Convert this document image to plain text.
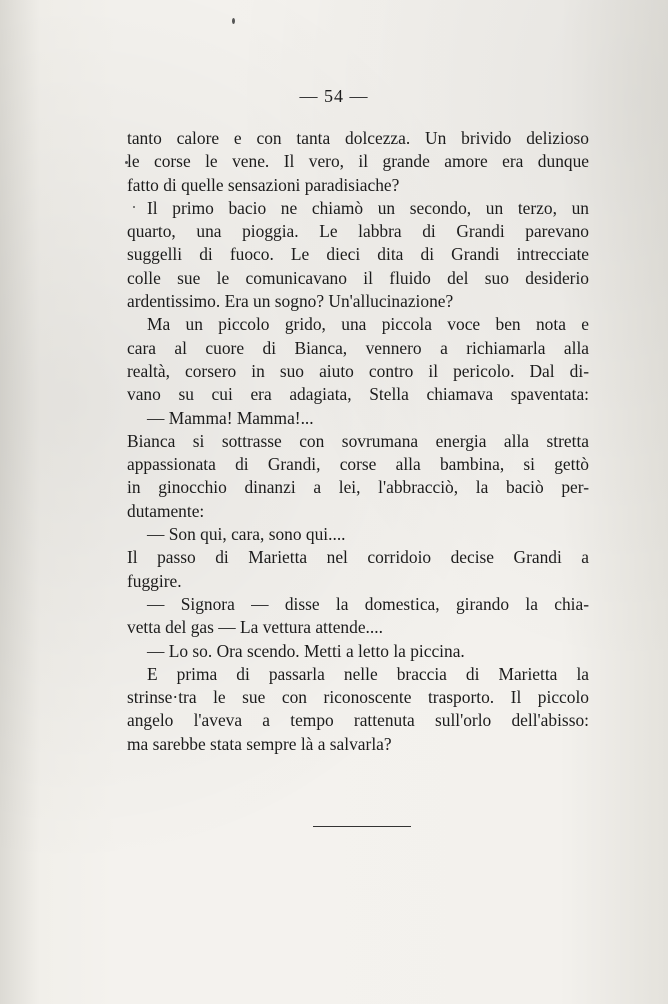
— 54 —
tanto calore e con tanta dolcezza. Un brivido delizioso
le corse le vene. Il vero, il grande amore era dunque
fatto di quelle sensazioni paradisiache?
Il primo bacio ne chiamò un secondo, un terzo, un
quarto, una pioggia. Le labbra di Grandi parevano
suggelli di fuoco. Le dieci dita di Grandi intrecciate
colle sue le comunicavano il fluido del suo desiderio
ardentissimo. Era un sogno? Un'allucinazione?
Ma un piccolo grido, una piccola voce ben nota e
cara al cuore di Bianca, vennero a richiamarla alla
realtà, corsero in suo aiuto contro il pericolo. Dal di-
vano su cui era adagiata, Stella chiamava spaventata:
— Mamma! Mamma!...
Bianca si sottrasse con sovrumana energia alla stretta
appassionata di Grandi, corse alla bambina, si gettò
in ginocchio dinanzi a lei, l'abbracciò, la baciò per-
dutamente:
— Son qui, cara, sono qui....
Il passo di Marietta nel corridoio decise Grandi a
fuggire.
— Signora — disse la domestica, girando la chia-
vetta del gas — La vettura attende....
— Lo so. Ora scendo. Metti a letto la piccina.
E prima di passarla nelle braccia di Marietta la
strinse·tra le sue con riconoscente trasporto. Il piccolo
angelo l'aveva a tempo rattenuta sull'orlo dell'abisso:
ma sarebbe stata sempre là a salvarla?
